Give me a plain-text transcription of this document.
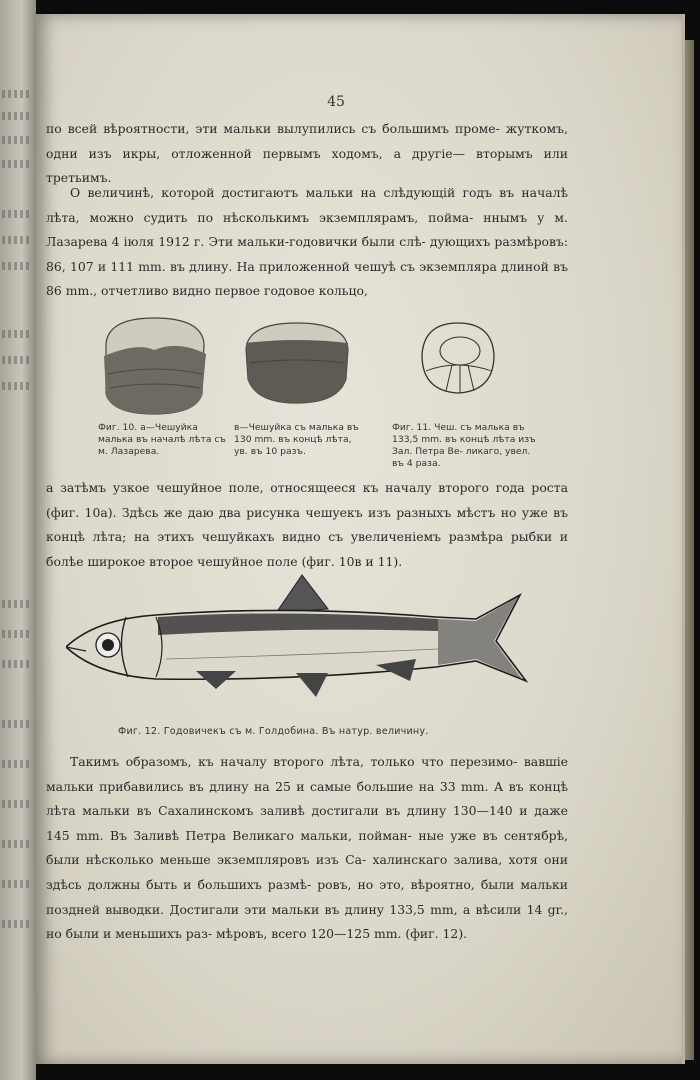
45

по всей вѣроятности, эти мальки вылупились съ большимъ проме- жуткомъ, одни изъ икры, отложенной первымъ ходомъ, а другіе— вторымъ или третьимъ.

О величинѣ, которой достигаютъ мальки на слѣдующій годъ въ началѣ лѣта, можно судить по нѣсколькимъ экземплярамъ, поймa- ннымъ у м. Лазарева 4 іюля 1912 г. Эти мальки-годовички были слѣ- дующихъ размѣровъ: 86, 107 и 111 mm. въ длину. На приложенной чешуѣ съ экземпляра длиной въ 86 mm., отчетливо видно первое годовое кольцо,

Фиг. 10. а—Чешуйка малька въ началѣ лѣта съ м. Лазарева.

в—Чешуйка съ малька въ 130 mm. въ концѣ лѣта, ув. въ 10 разъ.

Фиг. 11. Чеш. съ малька въ 133,5 mm. въ концѣ лѣта изъ Зал. Петра Ве- ликаго, увел. въ 4 раза.

а затѣмъ узкое чешуйное поле, относящееся къ началу второго года роста (фиг. 10а). Здѣсь же даю два рисунка чешуекъ изъ разныхъ мѣстъ но уже въ концѣ лѣта; на этихъ чешуйкахъ видно съ увеличеніемъ размѣра рыбки и болѣе широкое второе чешуйное поле (фиг. 10в и 11).

Фиг. 12. Годовичекъ съ м. Голдобина. Въ натур. величину.

Такимъ образомъ, къ началу второго лѣта, только что перезимо- вавшіе мальки прибавились въ длину на 25 и самые большие на 33 mm. А въ концѣ лѣта мальки въ Сахалинскомъ заливѣ достигали въ длину 130—140 и даже 145 mm. Въ Заливѣ Петра Великаго мальки, поймaн- ные уже въ сентябрѣ, были нѣсколько меньше экземпляровъ изъ Са- халинскаго залива, хотя они здѣсь должны быть и большихъ размѣ- ровъ, но это, вѣроятно, были мальки поздней выводки. Достигали эти мальки въ длину 133,5 mm, а вѣсили 14 gr., но были и меньшихъ раз- мѣровъ, всего 120—125 mm. (фиг. 12).
